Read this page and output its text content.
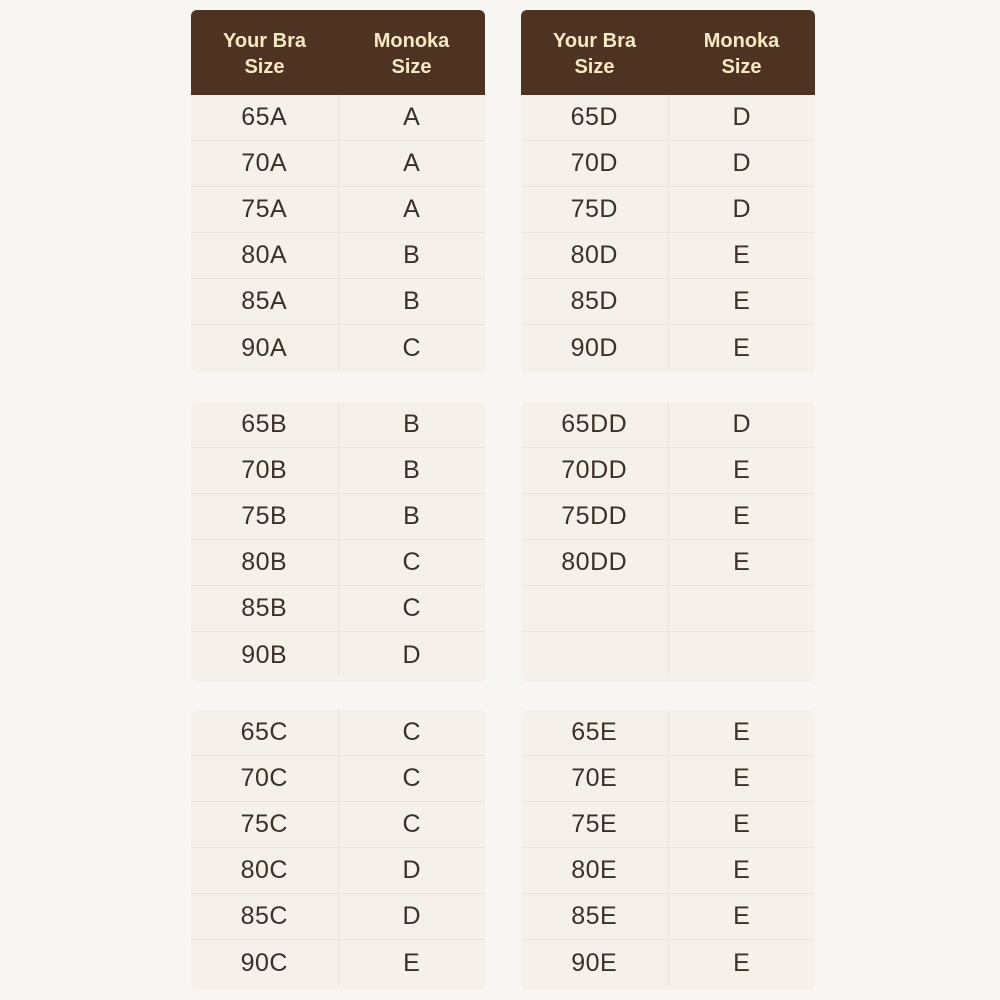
Your Bra
Size
Monoka
Size
65A	A
70A	A
75A	A
80A	B
85A	B
90A	C
65B	B
70B	B
75B	B
80B	C
85B	C
90B	D
65C	C
70C	C
75C	C
80C	D
85C	D
90C	E
Your Bra
Size
Monoka
Size
65D	D
70D	D
75D	D
80D	E
85D	E
90D	E
65DD	D
70DD	E
75DD	E
80DD	E
65E	E
70E	E
75E	E
80E	E
85E	E
90E	E
